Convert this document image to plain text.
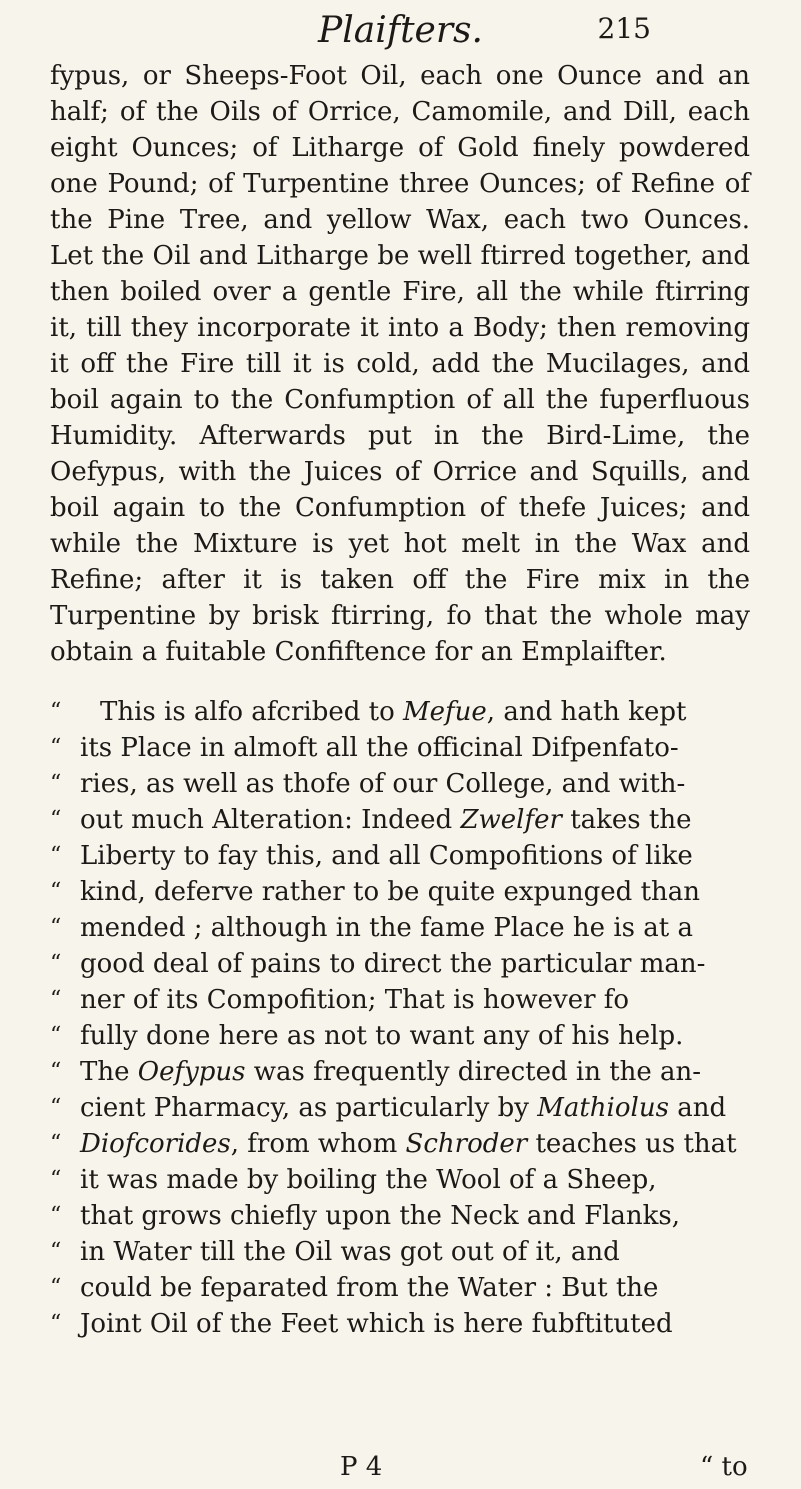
Plaifters.	215

fypus, or Sheeps-Foot Oil, each one Ounce and an half; of the Oils of Orrice, Camomile, and Dill, each eight Ounces; of Litharge of Gold finely powdered one Pound; of Turpentine three Ounces; of Refine of the Pine Tree, and yellow Wax, each two Ounces. Let the Oil and Litharge be well ftirred together, and then boiled over a gentle Fire, all the while ftirring it, till they incorporate it into a Body; then removing it off the Fire till it is cold, add the Mucilages, and boil again to the Confumption of all the fuperfluous Humidity. Afterwards put in the Bird-Lime, the Oefypus, with the Juices of Orrice and Squills, and boil again to the Confumption of thefe Juices; and while the Mixture is yet hot melt in the Wax and Refine; after it is taken off the Fire mix in the Turpentine by brisk ftirring, fo that the whole may obtain a fuitable Confiftence for an Emplaifter.

“	This is alfo afcribed to Mefue, and hath kept
“ its Place in almoft all the officinal Difpenfato-
“ ries, as well as thofe of our College, and with-
“ out much Alteration: Indeed Zwelfer takes the
“ Liberty to fay this, and all Compofitions of like
“ kind, deferve rather to be quite expunged than
“ mended ; although in the fame Place he is at a
“ good deal of pains to direct the particular man-
“ ner of its Compofition; That is however fo
“ fully done here as not to want any of his help.
“ The Oefypus was frequently directed in the an-
“ cient Pharmacy, as particularly by Mathiolus and
“ Diofcorides, from whom Schroder teaches us that
“ it was made by boiling the Wool of a Sheep,
“ that grows chiefly upon the Neck and Flanks,
“ in Water till the Oil was got out of it, and
“ could be feparated from the Water : But the
“ Joint Oil of the Feet which is here fubftituted
P 4	“ to
